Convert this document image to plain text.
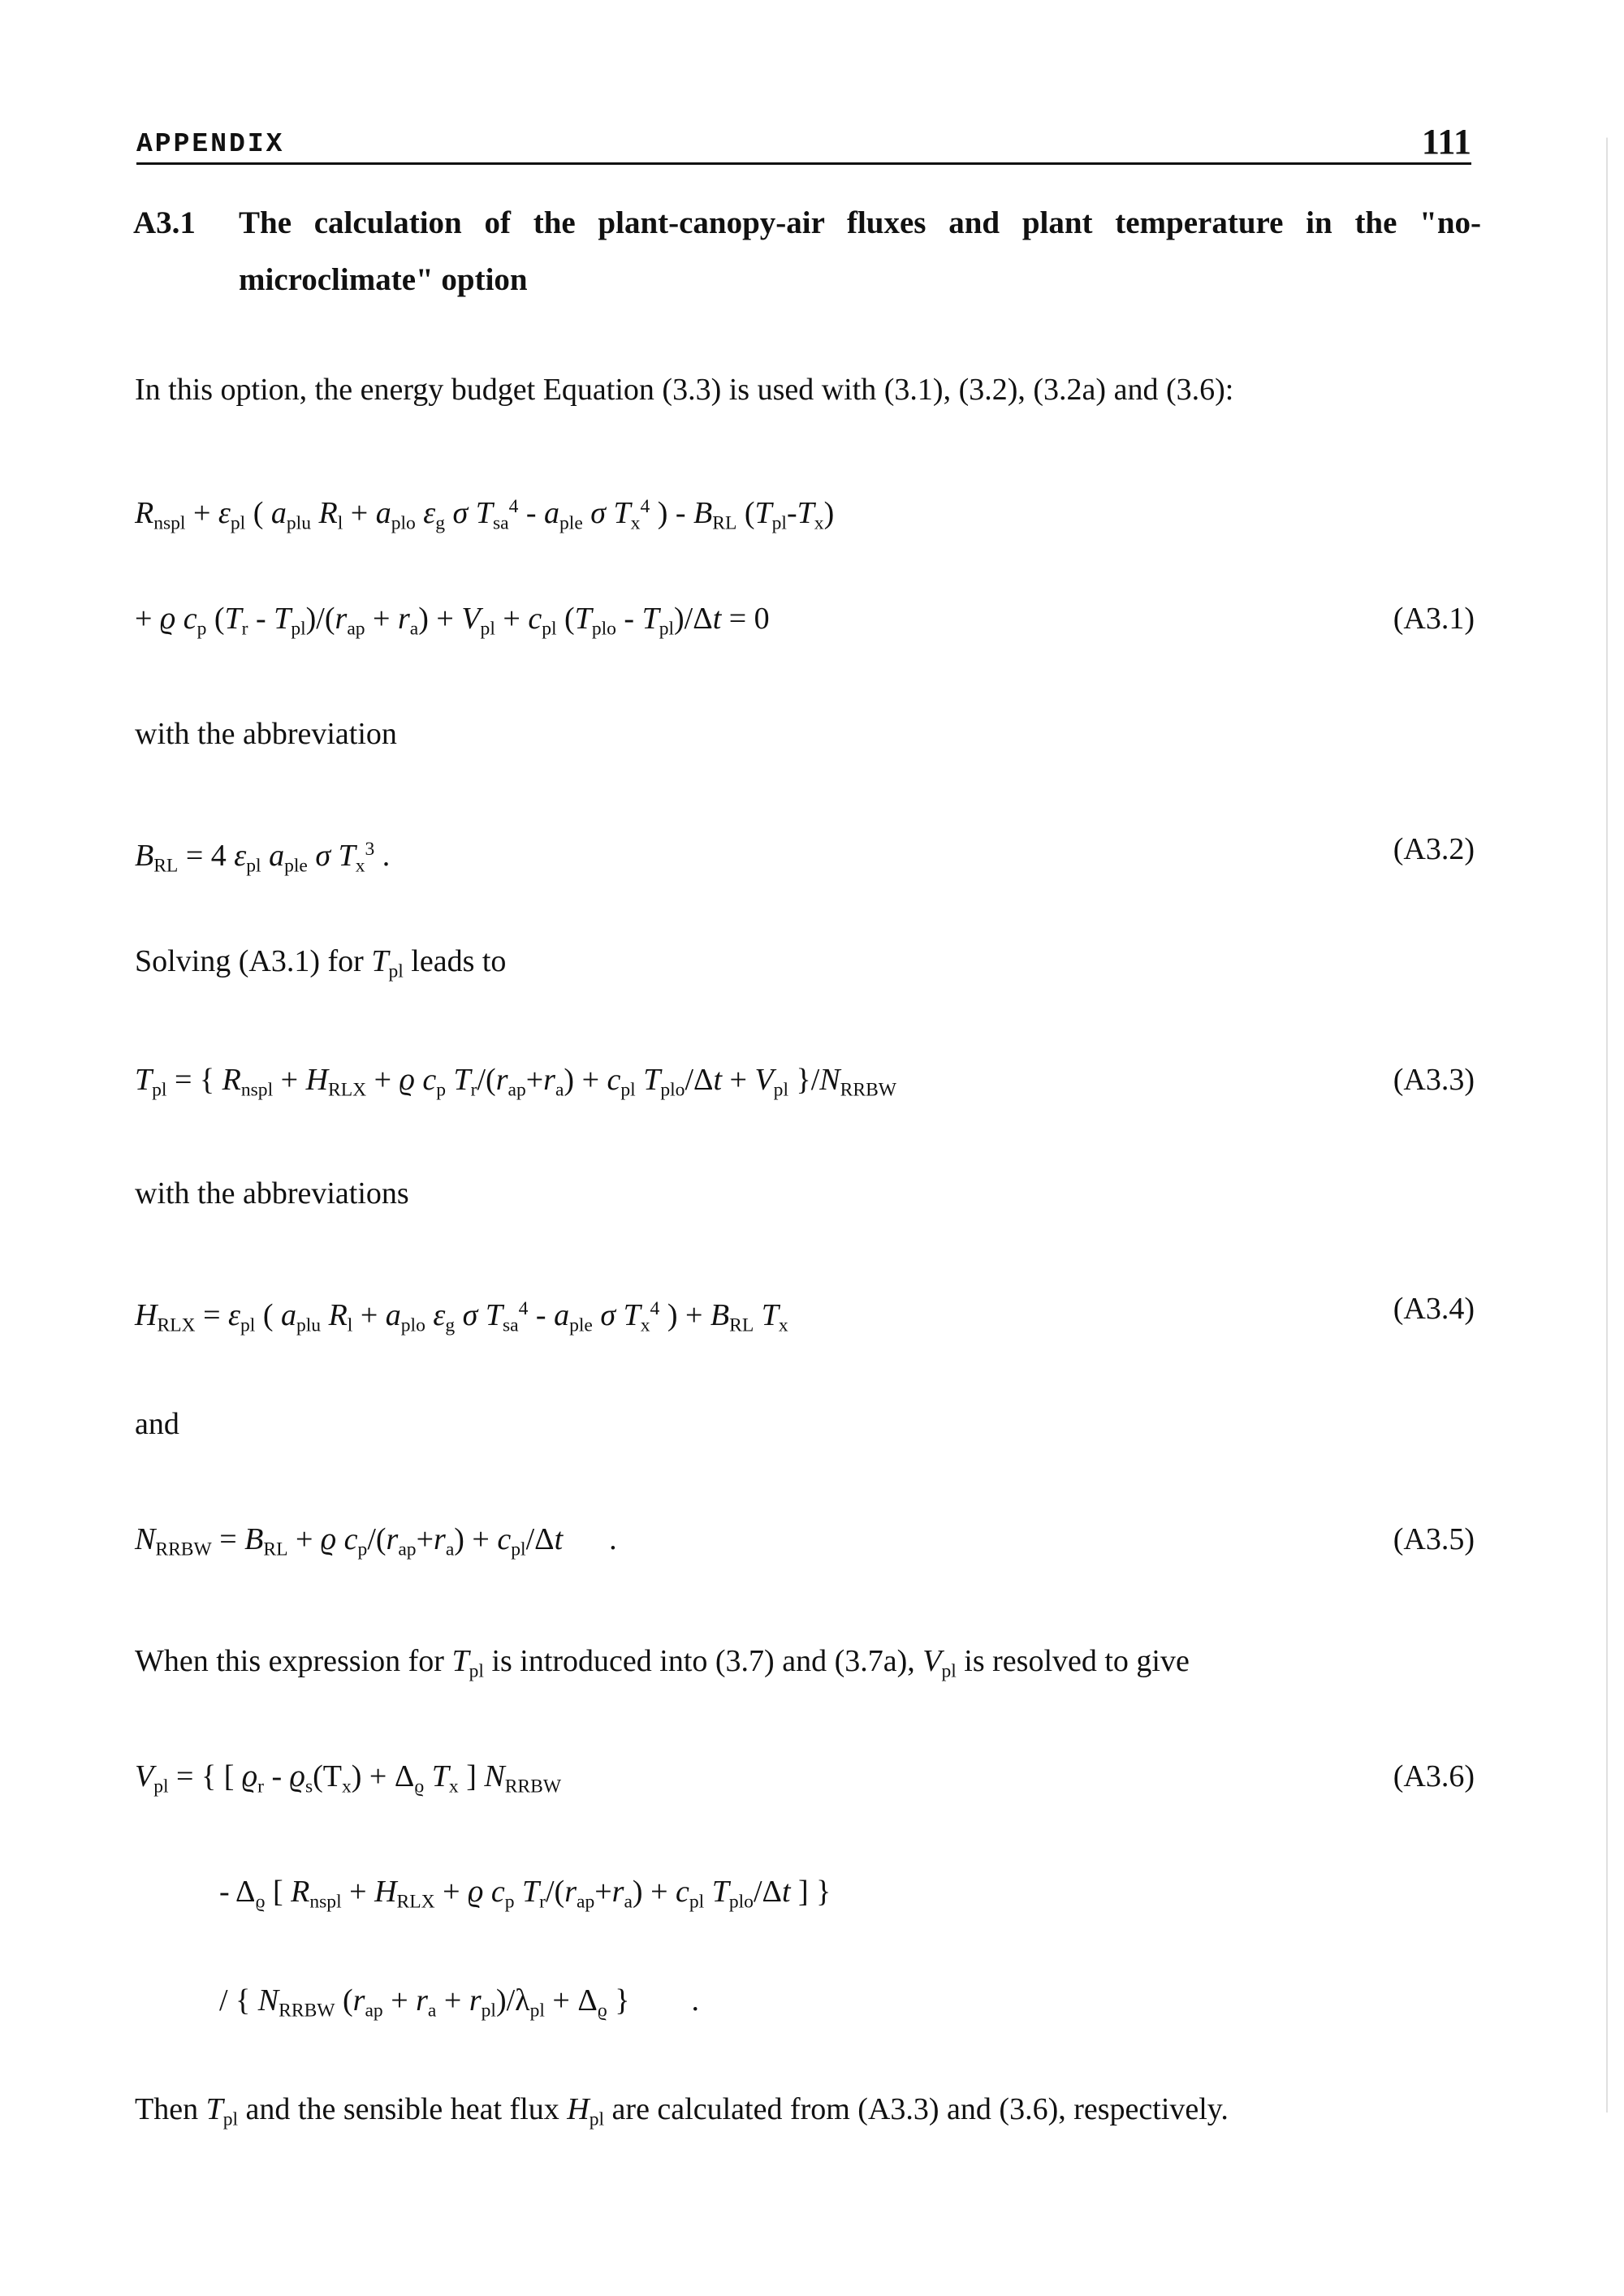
APPENDIX	111
A3.1 The calculation of the plant-canopy-air fluxes and plant temperature in the "no-microclimate" option
In this option, the energy budget Equation (3.3) is used with (3.1), (3.2), (3.2a) and (3.6):
$R_{nspl} + \varepsilon_{pl}$ ( $a_{plu}$ $R_l + a_{plo}$ $\varepsilon_g$ σ $T_{sa}^4 - a_{ple}$ σ $T_x^4$ ) - $B_{RL}$ $(T_{pl}-T_x)$
+ ϱ $c_p$ $(T_r - T_{pl})/(r_{ap} + r_a) + V_{pl} + c_{pl}$ $(T_{plo} - T_{pl})/\Delta t = 0$	(A3.1)
with the abbreviation
$B_{RL} = 4$ $\varepsilon_{pl}$ $a_{ple}$ σ $T_x^3$ .	(A3.2)
Solving (A3.1) for $T_{pl}$ leads to
$T_{pl}$ = { $R_{nspl} + H_{RLX} + ϱ$ $c_p$ $T_r/(r_{ap}+r_a) + c_{pl}$ $T_{plo}/\Delta t + V_{pl}$ }$/N_{RRBW}$	(A3.3)
with the abbreviations
$H_{RLX} = \varepsilon_{pl}$ ( $a_{plu}$ $R_l + a_{plo}$ $\varepsilon_g$ σ $T_{sa}^4 - a_{ple}$ σ $T_x^4$ ) + $B_{RL}$ $T_x$	(A3.4)
and
$N_{RRBW} = B_{RL} + ϱ$ $c_p/(r_{ap}+r_a) + c_{pl}/\Delta t$      .	(A3.5)
When this expression for $T_{pl}$ is introduced into (3.7) and (3.7a), $V_{pl}$ is resolved to give
$V_{pl}$ = { [ $ϱ_r - ϱ_s(T_x) + \Delta_ϱ$ $T_x$ ] $N_{RRBW}$	(A3.6)
- $\Delta_ϱ$ [ $R_{nspl} + H_{RLX} + ϱ$ $c_p$ $T_r/(r_{ap}+r_a) + c_{pl}$ $T_{plo}/\Delta t$ ] }
/ { $N_{RRBW}$ $(r_{ap} + r_a + r_{pl})/\lambda_{pl} + \Delta_ϱ$ }        .
Then $T_{pl}$ and the sensible heat flux $H_{pl}$ are calculated from (A3.3) and (3.6), respectively.
